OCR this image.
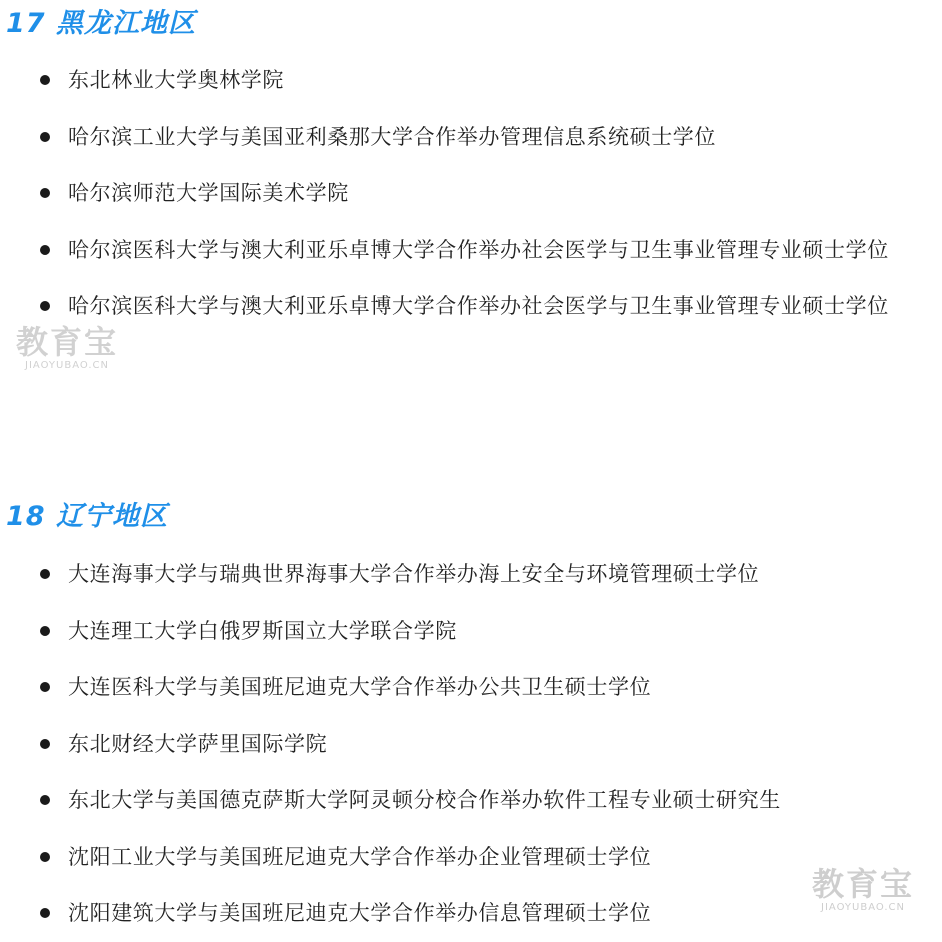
17 黑龙江地区
东北林业大学奥林学院
哈尔滨工业大学与美国亚利桑那大学合作举办管理信息系统硕士学位
哈尔滨师范大学国际美术学院
哈尔滨医科大学与澳大利亚乐卓博大学合作举办社会医学与卫生事业管理专业硕士学位
哈尔滨医科大学与澳大利亚乐卓博大学合作举办社会医学与卫生事业管理专业硕士学位
18 辽宁地区
大连海事大学与瑞典世界海事大学合作举办海上安全与环境管理硕士学位
大连理工大学白俄罗斯国立大学联合学院
大连医科大学与美国班尼迪克大学合作举办公共卫生硕士学位
东北财经大学萨里国际学院
东北大学与美国德克萨斯大学阿灵顿分校合作举办软件工程专业硕士研究生
沈阳工业大学与美国班尼迪克大学合作举办企业管理硕士学位
沈阳建筑大学与美国班尼迪克大学合作举办信息管理硕士学位
教育宝
JIAOYUBAO.CN
教育宝
JIAOYUBAO.CN
